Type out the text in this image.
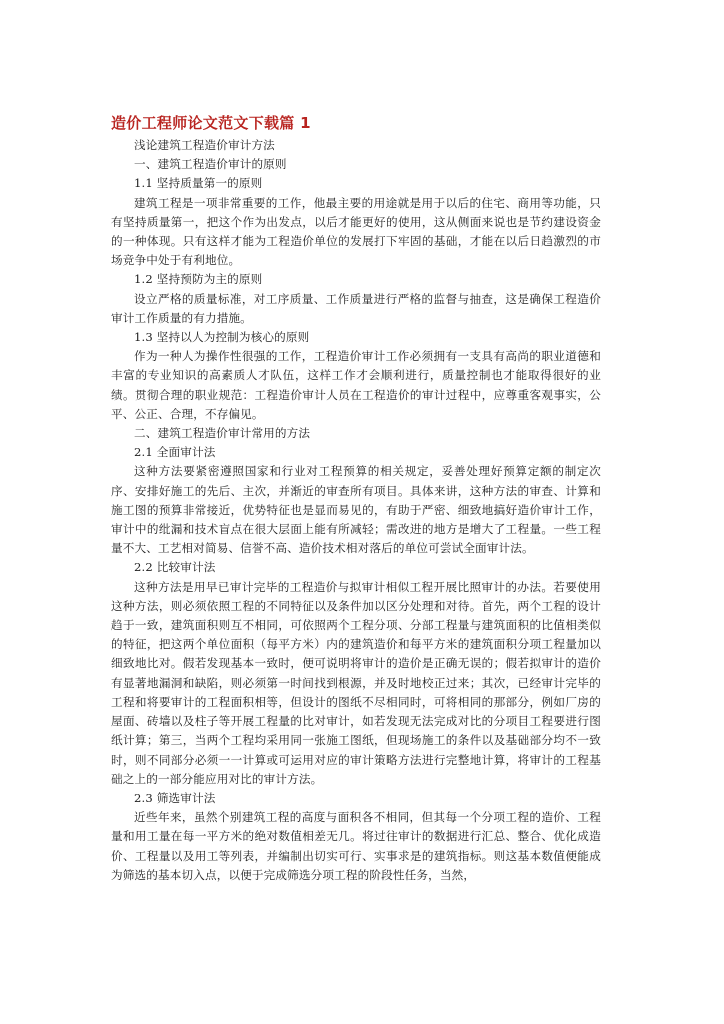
造价工程师论文范文下载篇 1

浅论建筑工程造价审计方法

一、建筑工程造价审计的原则

1.1 坚持质量第一的原则

建筑工程是一项非常重要的工作，他最主要的用途就是用于以后的住宅、商用等功能，只有坚持质量第一，把这个作为出发点，以后才能更好的使用，这从侧面来说也是节约建设资金的一种体现。只有这样才能为工程造价单位的发展打下牢固的基础，才能在以后日趋激烈的市场竞争中处于有利地位。

1.2 坚持预防为主的原则

设立严格的质量标准，对工序质量、工作质量进行严格的监督与抽查，这是确保工程造价审计工作质量的有力措施。

1.3 坚持以人为控制为核心的原则

作为一种人为操作性很强的工作，工程造价审计工作必须拥有一支具有高尚的职业道德和丰富的专业知识的高素质人才队伍，这样工作才会顺利进行，质量控制也才能取得很好的业绩。贯彻合理的职业规范：工程造价审计人员在工程造价的审计过程中，应尊重客观事实，公平、公正、合理，不存偏见。

二、建筑工程造价审计常用的方法

2.1 全面审计法

这种方法要紧密遵照国家和行业对工程预算的相关规定，妥善处理好预算定额的制定次序、安排好施工的先后、主次，并渐近的审查所有项目。具体来讲，这种方法的审查、计算和施工图的预算非常接近，优势特征也是显而易见的，有助于严密、细致地搞好造价审计工作，审计中的纰漏和技术盲点在很大层面上能有所减轻；需改进的地方是增大了工程量。一些工程量不大、工艺相对简易、信誉不高、造价技术相对落后的单位可尝试全面审计法。

2.2 比较审计法

这种方法是用早已审计完毕的工程造价与拟审计相似工程开展比照审计的办法。若要使用这种方法，则必须依照工程的不同特征以及条件加以区分处理和对待。首先，两个工程的设计趋于一致，建筑面积则互不相同，可依照两个工程分项、分部工程量与建筑面积的比值相类似的特征，把这两个单位面积（每平方米）内的建筑造价和每平方米的建筑面积分项工程量加以细致地比对。假若发现基本一致时，便可说明将审计的造价是正确无误的；假若拟审计的造价有显著地漏洞和缺陷，则必须第一时间找到根源，并及时地校正过来；其次，已经审计完毕的工程和将要审计的工程面积相等，但设计的图纸不尽相同时，可将相同的那部分，例如厂房的屋面、砖墙以及柱子等开展工程量的比对审计，如若发现无法完成对比的分项目工程要进行图纸计算；第三，当两个工程均采用同一张施工图纸，但现场施工的条件以及基础部分均不一致时，则不同部分必须一一计算或可运用对应的审计策略方法进行完整地计算，将审计的工程基础之上的一部分能应用对比的审计方法。

2.3 筛选审计法

近些年来，虽然个别建筑工程的高度与面积各不相同，但其每一个分项工程的造价、工程量和用工量在每一平方米的绝对数值相差无几。将过往审计的数据进行汇总、整合、优化成造价、工程量以及用工等列表，并编制出切实可行、实事求是的建筑指标。则这基本数值便能成为筛选的基本切入点，以便于完成筛选分项工程的阶段性任务，当然，
